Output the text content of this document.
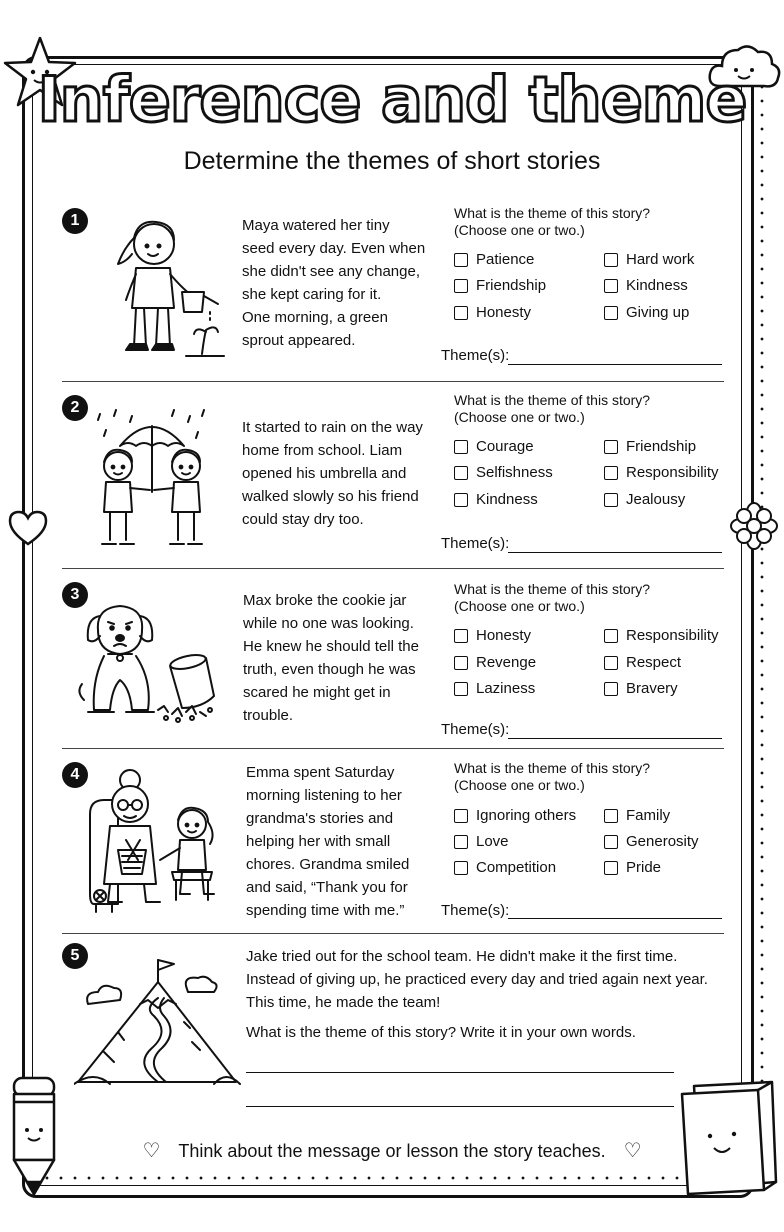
Inference and theme
Determine the themes of short stories
1	Maya watered her tiny
seed every day. Even when
she didn't see any change,
she kept caring for it.
One morning, a green
sprout appeared.
What is the theme of this story?
(Choose one or two.)
Patience	Hard work
Friendship	Kindness
Honesty	Giving up
Theme(s):
2
It started to rain on the way
home from school. Liam
opened his umbrella and
walked slowly so his friend
could stay dry too.
What is the theme of this story?
(Choose one or two.)
Courage	Friendship
Selfishness	Responsibility
Kindness	Jealousy
Theme(s):
3	Max broke the cookie jar
while no one was looking.
He knew he should tell the
truth, even though he was
scared he might get in
trouble.
What is the theme of this story?
(Choose one or two.)
Honesty	Responsibility
Revenge	Respect
Laziness	Bravery
Theme(s):
4	Emma spent Saturday
morning listening to her
grandma's stories and
helping her with small
chores. Grandma smiled
and said, “Thank you for
spending time with me.”
What is the theme of this story?
(Choose one or two.)
Ignoring others	Family
Love	Generosity
Competition	Pride
Theme(s):
5	Jake tried out for the school team. He didn't make it the first time.
Instead of giving up, he practiced every day and tried again next year.
This time, he made the team!
What is the theme of this story? Write it in your own words.
♡ Think about the message or lesson the story teaches. ♡
